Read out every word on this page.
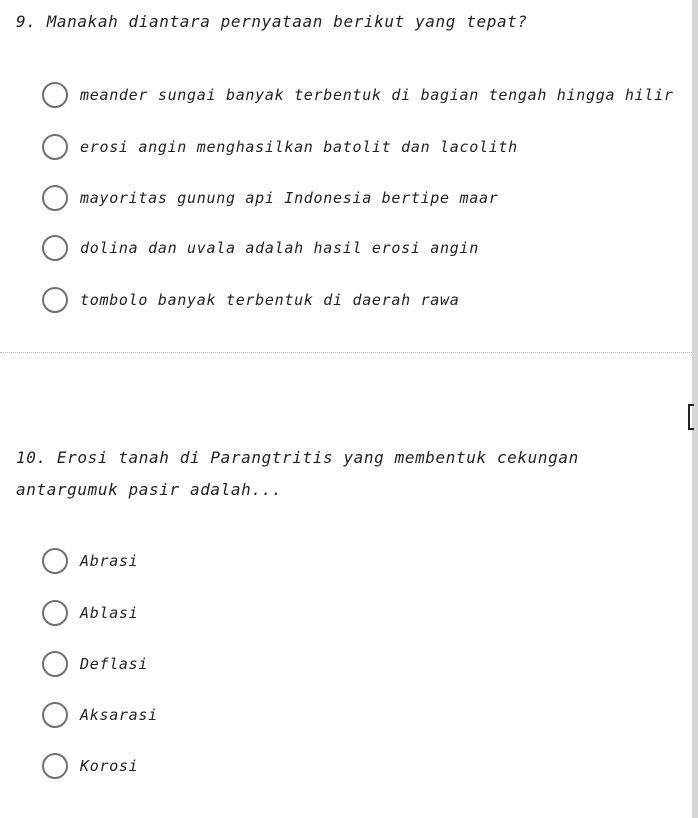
9. Manakah diantara pernyataan berikut yang tepat?
meander sungai banyak terbentuk di bagian tengah hingga hilir
erosi angin menghasilkan batolit dan lacolith
mayoritas gunung api Indonesia bertipe maar
dolina dan uvala adalah hasil erosi angin
tombolo banyak terbentuk di daerah rawa
10. Erosi tanah di Parangtritis yang membentuk cekungan antargumuk pasir adalah...
Abrasi
Ablasi
Deflasi
Aksarasi
Korosi
